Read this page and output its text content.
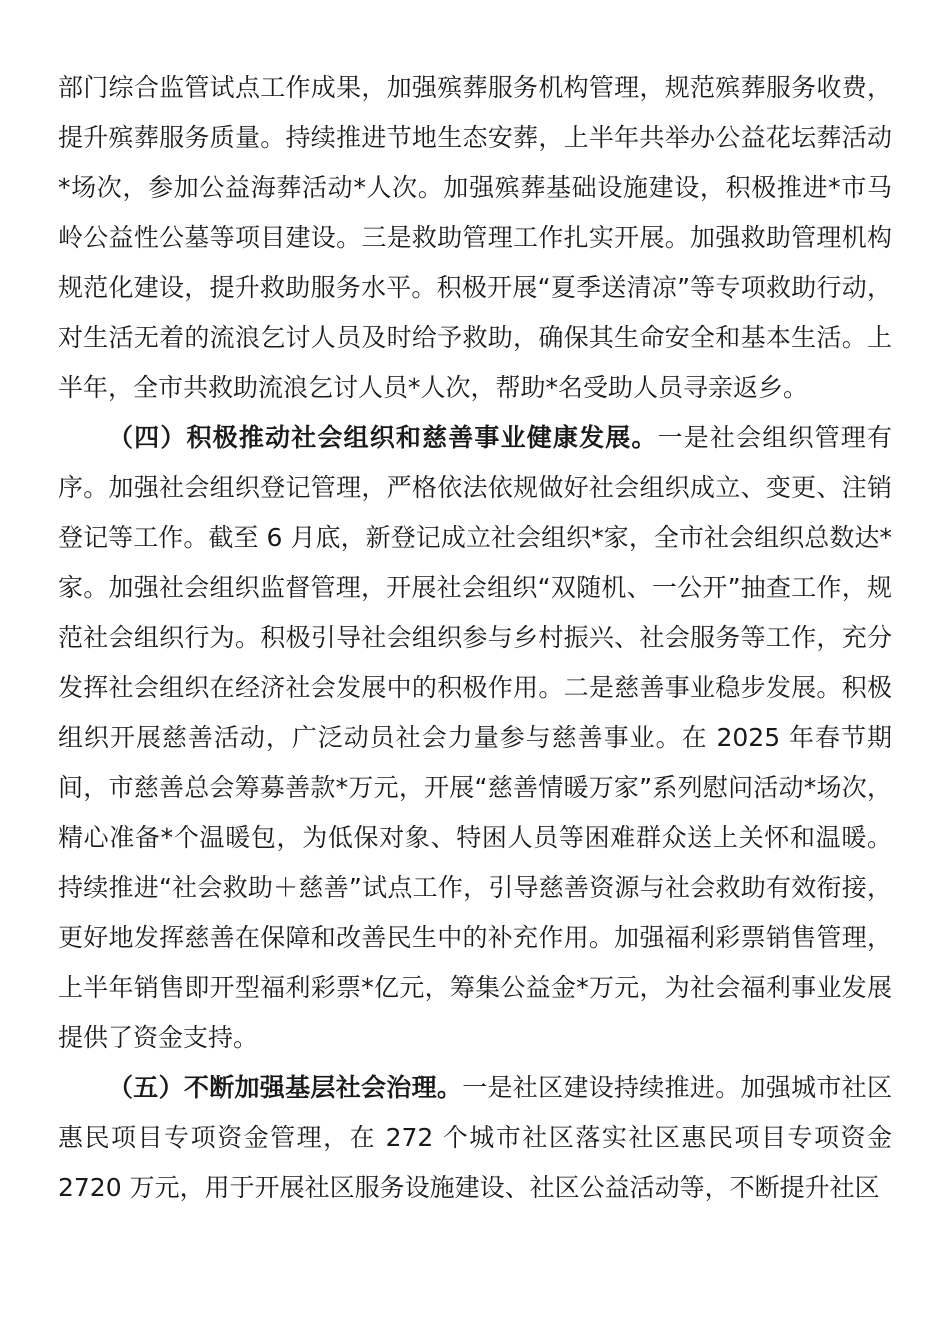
部门综合监管试点工作成果，加强殡葬服务机构管理，规范殡葬服务收费，提升殡葬服务质量。持续推进节地生态安葬，上半年共举办公益花坛葬活动*场次，参加公益海葬活动*人次。加强殡葬基础设施建设，积极推进*市马岭公益性公墓等项目建设。三是救助管理工作扎实开展。加强救助管理机构规范化建设，提升救助服务水平。积极开展“夏季送清凉”等专项救助行动，对生活无着的流浪乞讨人员及时给予救助，确保其生命安全和基本生活。上半年，全市共救助流浪乞讨人员*人次，帮助*名受助人员寻亲返乡。

（四）积极推动社会组织和慈善事业健康发展。一是社会组织管理有序。加强社会组织登记管理，严格依法依规做好社会组织成立、变更、注销登记等工作。截至 6 月底，新登记成立社会组织*家，全市社会组织总数达*家。加强社会组织监督管理，开展社会组织“双随机、一公开”抽查工作，规范社会组织行为。积极引导社会组织参与乡村振兴、社会服务等工作，充分发挥社会组织在经济社会发展中的积极作用。二是慈善事业稳步发展。积极组织开展慈善活动，广泛动员社会力量参与慈善事业。在 2025 年春节期间，市慈善总会筹募善款*万元，开展“慈善情暖万家”系列慰问活动*场次，精心准备*个温暖包，为低保对象、特困人员等困难群众送上关怀和温暖。持续推进“社会救助＋慈善”试点工作，引导慈善资源与社会救助有效衔接，更好地发挥慈善在保障和改善民生中的补充作用。加强福利彩票销售管理，上半年销售即开型福利彩票*亿元，筹集公益金*万元，为社会福利事业发展提供了资金支持。

（五）不断加强基层社会治理。一是社区建设持续推进。加强城市社区惠民项目专项资金管理，在 272 个城市社区落实社区惠民项目专项资金 2720 万元，用于开展社区服务设施建设、社区公益活动等，不断提升社区
